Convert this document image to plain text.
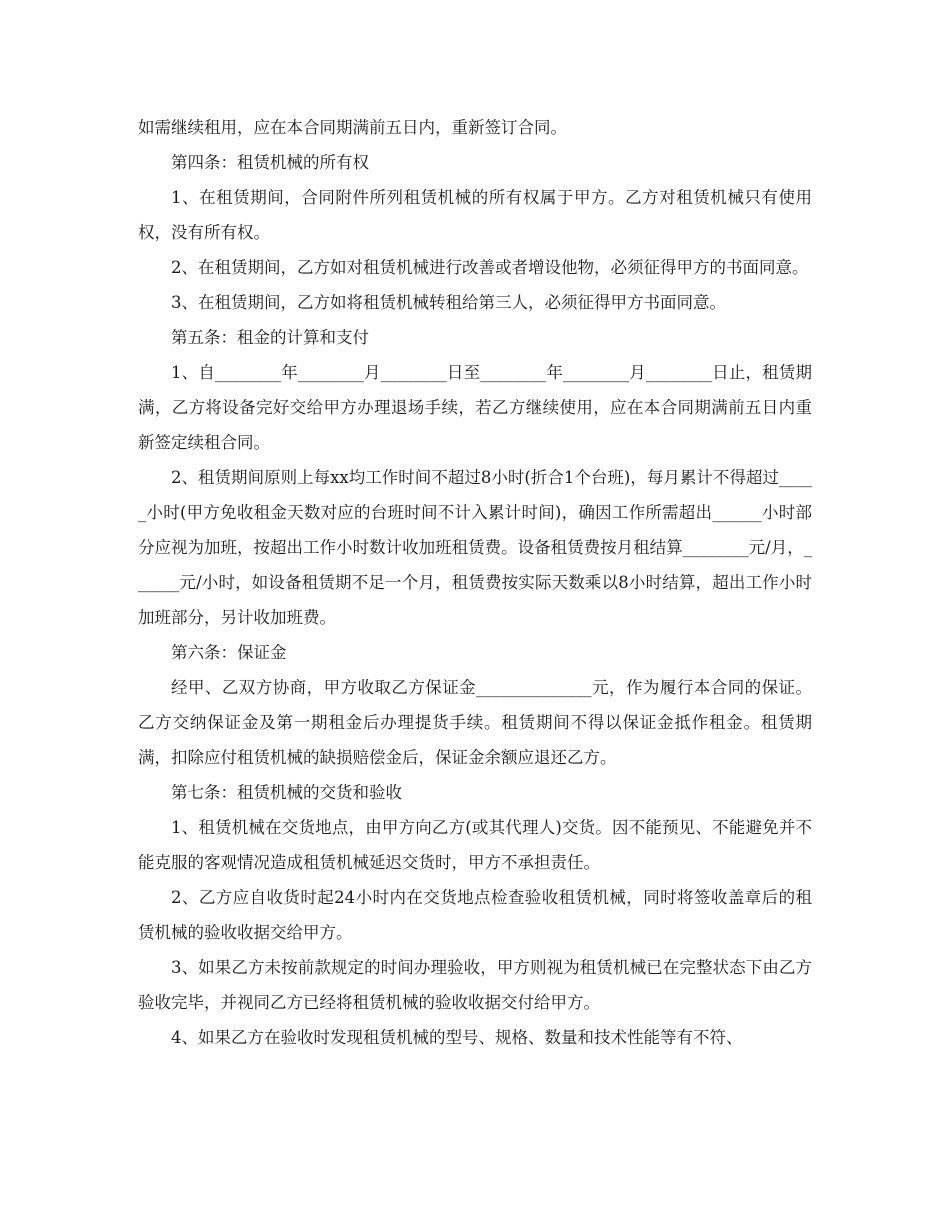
如需继续租用，应在本合同期满前五日内，重新签订合同。

第四条：租赁机械的所有权

1、在租赁期间，合同附件所列租赁机械的所有权属于甲方。乙方对租赁机械只有使用权，没有所有权。

2、在租赁期间，乙方如对租赁机械进行改善或者增设他物，必须征得甲方的书面同意。

3、在租赁期间，乙方如将租赁机械转租给第三人，必须征得甲方书面同意。

第五条：租金的计算和支付

1、自________年________月________日至________年________月________日止，租赁期满，乙方将设备完好交给甲方办理退场手续，若乙方继续使用，应在本合同期满前五日内重新签定续租合同。

2、租赁期间原则上每xx均工作时间不超过8小时(折合1个台班)，每月累计不得超过_____小时(甲方免收租金天数对应的台班时间不计入累计时间)，确因工作所需超出______小时部分应视为加班，按超出工作小时数计收加班租赁费。设备租赁费按月租结算________元/月，______元/小时，如设备租赁期不足一个月，租赁费按实际天数乘以8小时结算，超出工作小时加班部分，另计收加班费。

第六条：保证金

经甲、乙双方协商，甲方收取乙方保证金______________元，作为履行本合同的保证。乙方交纳保证金及第一期租金后办理提货手续。租赁期间不得以保证金抵作租金。租赁期满，扣除应付租赁机械的缺损赔偿金后，保证金余额应退还乙方。

第七条：租赁机械的交货和验收

1、租赁机械在交货地点，由甲方向乙方(或其代理人)交货。因不能预见、不能避免并不能克服的客观情况造成租赁机械延迟交货时，甲方不承担责任。

2、乙方应自收货时起24小时内在交货地点检查验收租赁机械，同时将签收盖章后的租赁机械的验收收据交给甲方。

3、如果乙方未按前款规定的时间办理验收，甲方则视为租赁机械已在完整状态下由乙方验收完毕，并视同乙方已经将租赁机械的验收收据交付给甲方。

4、如果乙方在验收时发现租赁机械的型号、规格、数量和技术性能等有不符、
